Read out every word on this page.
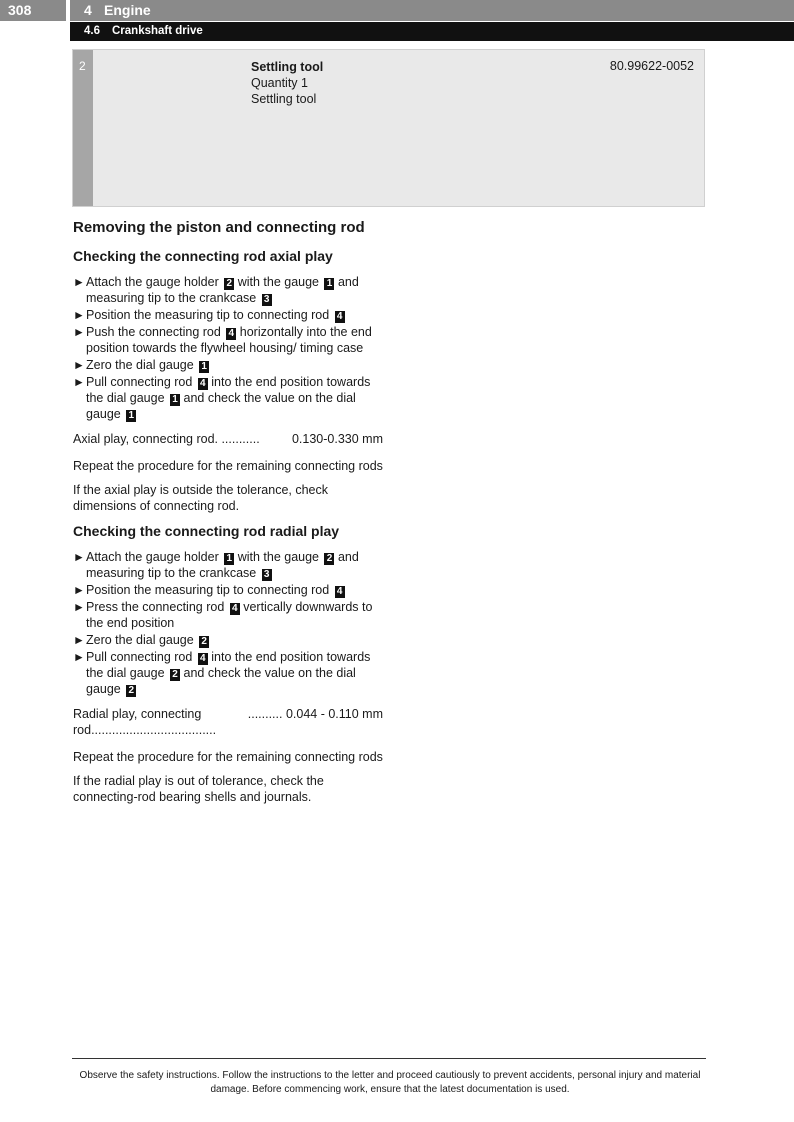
308	4 Engine
4.6 Crankshaft drive
2	Settling tool
Quantity 1
Settling tool
80.99622-0052
Removing the piston and connecting rod
Checking the connecting rod axial play
► Attach the gauge holder 2 with the gauge 1 and measuring tip to the crankcase 3
► Position the measuring tip to connecting rod 4
► Push the connecting rod 4 horizontally into the end position towards the flywheel housing/ timing case
► Zero the dial gauge 1
► Pull connecting rod 4 into the end position towards the dial gauge 1 and check the value on the dial gauge 1
Axial play, connecting rod. ...........	0.130-0.330 mm

Repeat the procedure for the remaining connecting rods

If the axial play is outside the tolerance, check dimensions of connecting rod.

Checking the connecting rod radial play
► Attach the gauge holder 1 with the gauge 2 and measuring tip to the crankcase 3
► Position the measuring tip to connecting rod 4
► Press the connecting rod 4 vertically downwards to the end position
► Zero the dial gauge 2
► Pull connecting rod 4 into the end position towards the dial gauge 2 and check the value on the dial gauge 2
Radial play, connecting rod....................................
.......... 0.044 - 0.110 mm

Repeat the procedure for the remaining connecting rods

If the radial play is out of tolerance, check the connecting-rod bearing shells and journals.

Observe the safety instructions. Follow the instructions to the letter and proceed cautiously to prevent accidents, personal injury and material damage. Before commencing work, ensure that the latest documentation is used.
